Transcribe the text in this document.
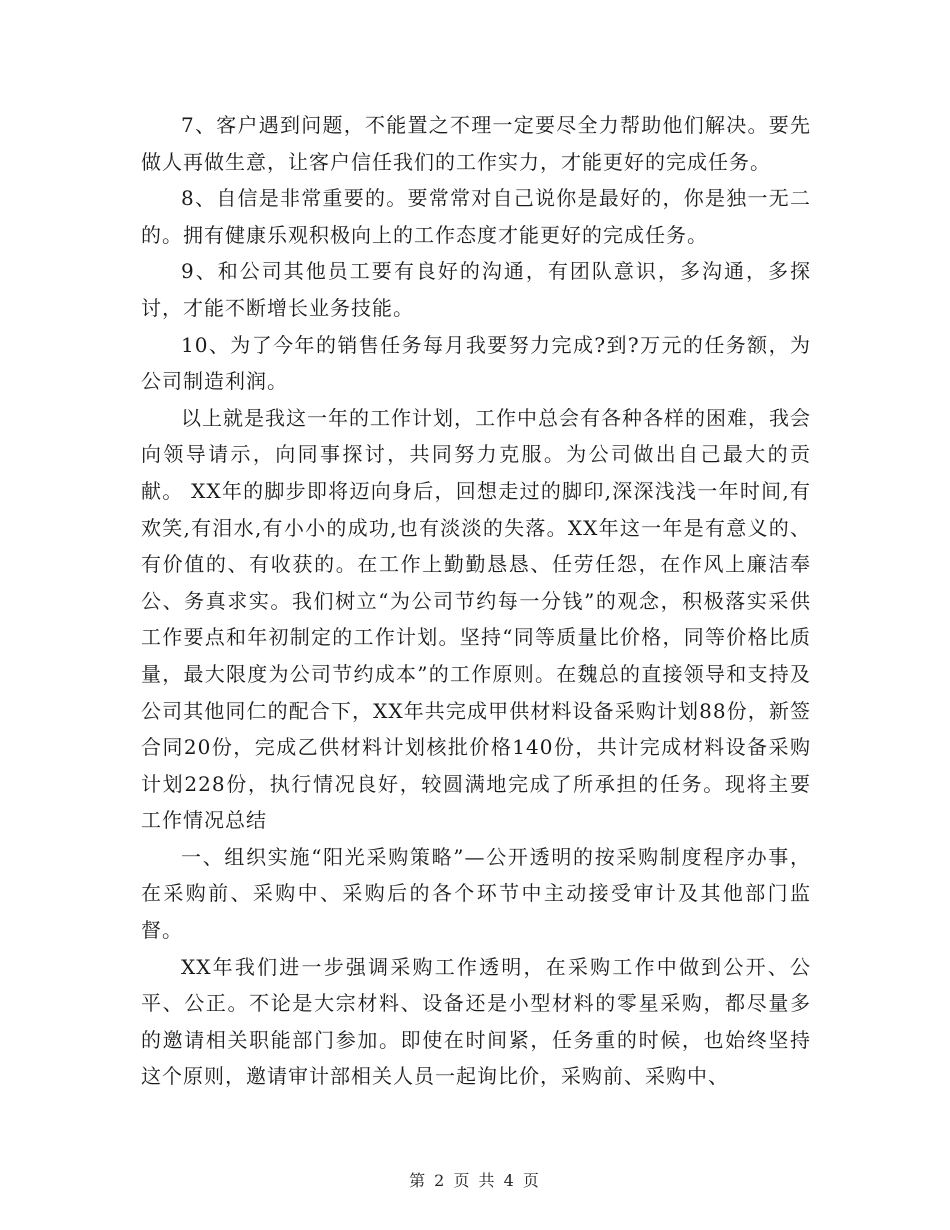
7、客户遇到问题，不能置之不理一定要尽全力帮助他们解决。要先做人再做生意，让客户信任我们的工作实力，才能更好的完成任务。

8、自信是非常重要的。要常常对自己说你是最好的，你是独一无二的。拥有健康乐观积极向上的工作态度才能更好的完成任务。

9、和公司其他员工要有良好的沟通，有团队意识，多沟通，多探讨，才能不断增长业务技能。

10、为了今年的销售任务每月我要努力完成?到?万元的任务额，为公司制造利润。

以上就是我这一年的工作计划，工作中总会有各种各样的困难，我会向领导请示，向同事探讨，共同努力克服。为公司做出自己最大的贡献。 XX年的脚步即将迈向身后，回想走过的脚印,深深浅浅一年时间,有欢笑,有泪水,有小小的成功,也有淡淡的失落。XX年这一年是有意义的、有价值的、有收获的。在工作上勤勤恳恳、任劳任怨，在作风上廉洁奉公、务真求实。我们树立“为公司节约每一分钱”的观念，积极落实采供工作要点和年初制定的工作计划。坚持“同等质量比价格，同等价格比质量，最大限度为公司节约成本”的工作原则。在魏总的直接领导和支持及公司其他同仁的配合下，XX年共完成甲供材料设备采购计划88份，新签合同20份，完成乙供材料计划核批价格140份，共计完成材料设备采购计划228份，执行情况良好，较圆满地完成了所承担的任务。现将主要工作情况总结

一、组织实施“阳光采购策略”—公开透明的按采购制度程序办事，在采购前、采购中、采购后的各个环节中主动接受审计及其他部门监督。

XX年我们进一步强调采购工作透明，在采购工作中做到公开、公平、公正。不论是大宗材料、设备还是小型材料的零星采购，都尽量多的邀请相关职能部门参加。即使在时间紧，任务重的时候，也始终坚持这个原则，邀请审计部相关人员一起询比价，采购前、采购中、

第 2 页 共 4 页
